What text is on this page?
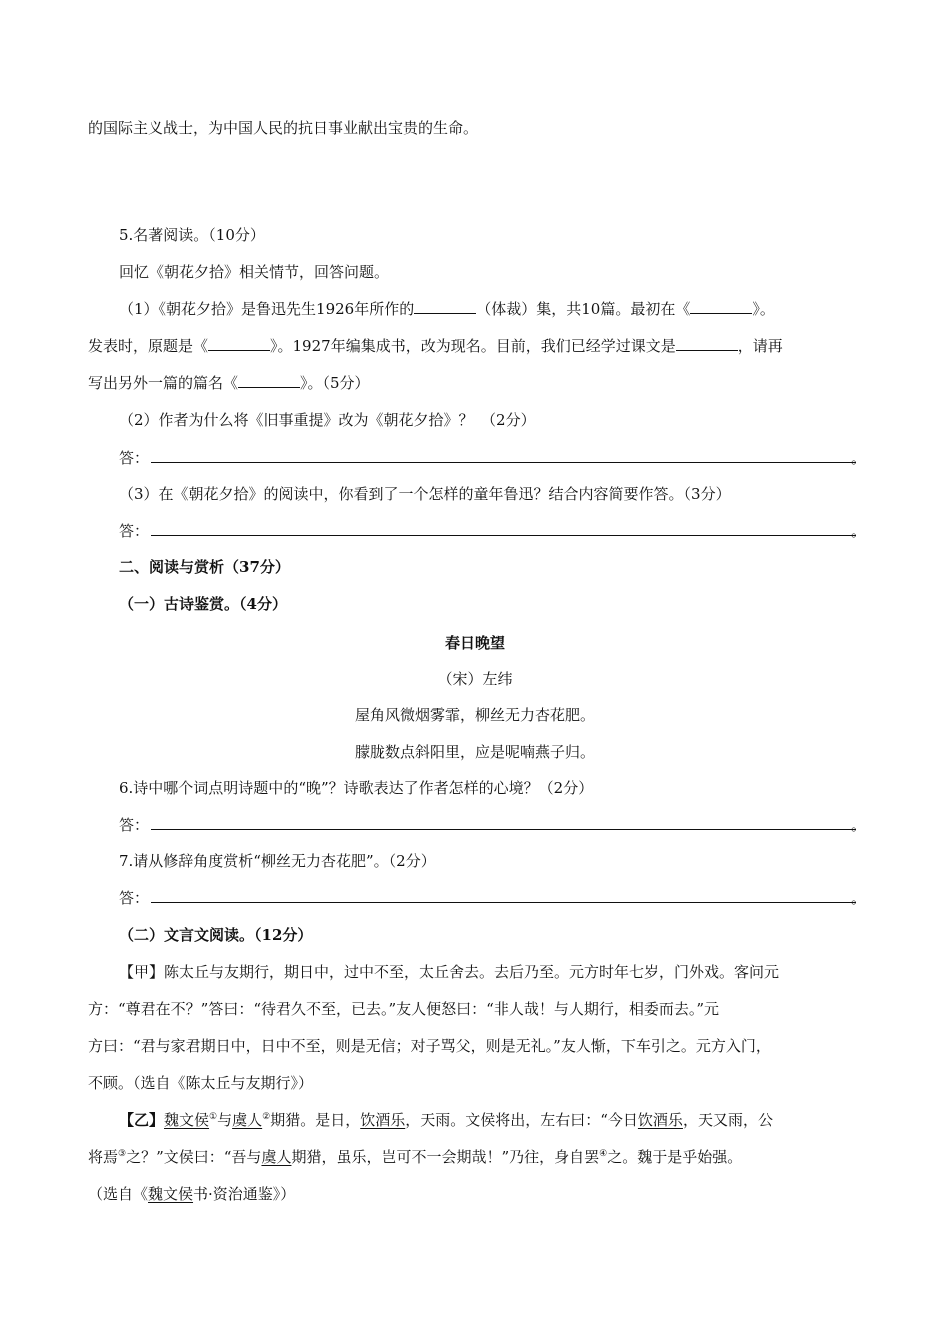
的国际主义战士，为中国人民的抗日事业献出宝贵的生命。
5.名著阅读。（10分）
回忆《朝花夕拾》相关情节，回答问题。
（1）《朝花夕拾》是鲁迅先生1926年所作的	（体裁）集，共10篇。最初在《	》。
发表时，原题是《	》。1927年编集成书，改为现名。目前，我们已经学过课文是	，请再
写出另外一篇的篇名《	》。（5分）
（2）作者为什么将《旧事重提》改为《朝花夕拾》？　（2分）
答：	。
（3）在《朝花夕拾》的阅读中，你看到了一个怎样的童年鲁迅？结合内容简要作答。（3分）
答：	。
二、阅读与赏析（37分）
（一）古诗鉴赏。（4分）
春日晚望
（宋）左纬
屋角风微烟雾霏，柳丝无力杏花肥。
朦胧数点斜阳里，应是呢喃燕子归。
6.诗中哪个词点明诗题中的“晚”？诗歌表达了作者怎样的心境？（2分）
答：	。
7.请从修辞角度赏析“柳丝无力杏花肥”。（2分）
答：	。
（二）文言文阅读。（12分）
【甲】陈太丘与友期行，期日中，过中不至，太丘舍去。去后乃至。元方时年七岁，门外戏。客问元
方：“尊君在不？”答曰：“待君久不至，已去。”友人便怒曰：“非人哉！与人期行，相委而去。”元
方曰：“君与家君期日中，日中不至，则是无信；对子骂父，则是无礼。”友人惭，下车引之。元方入门，
不顾。（选自《陈太丘与友期行》）
【乙】魏文侯①与虞人②期猎。是日，饮酒乐，天雨。文侯将出，左右曰：“今日饮酒乐，天又雨，公
将焉③之？”文侯曰：“吾与虞人期猎，虽乐，岂可不一会期哉！”乃往，身自罢④之。魏于是乎始强。
（选自《魏文侯书·资治通鉴》）
